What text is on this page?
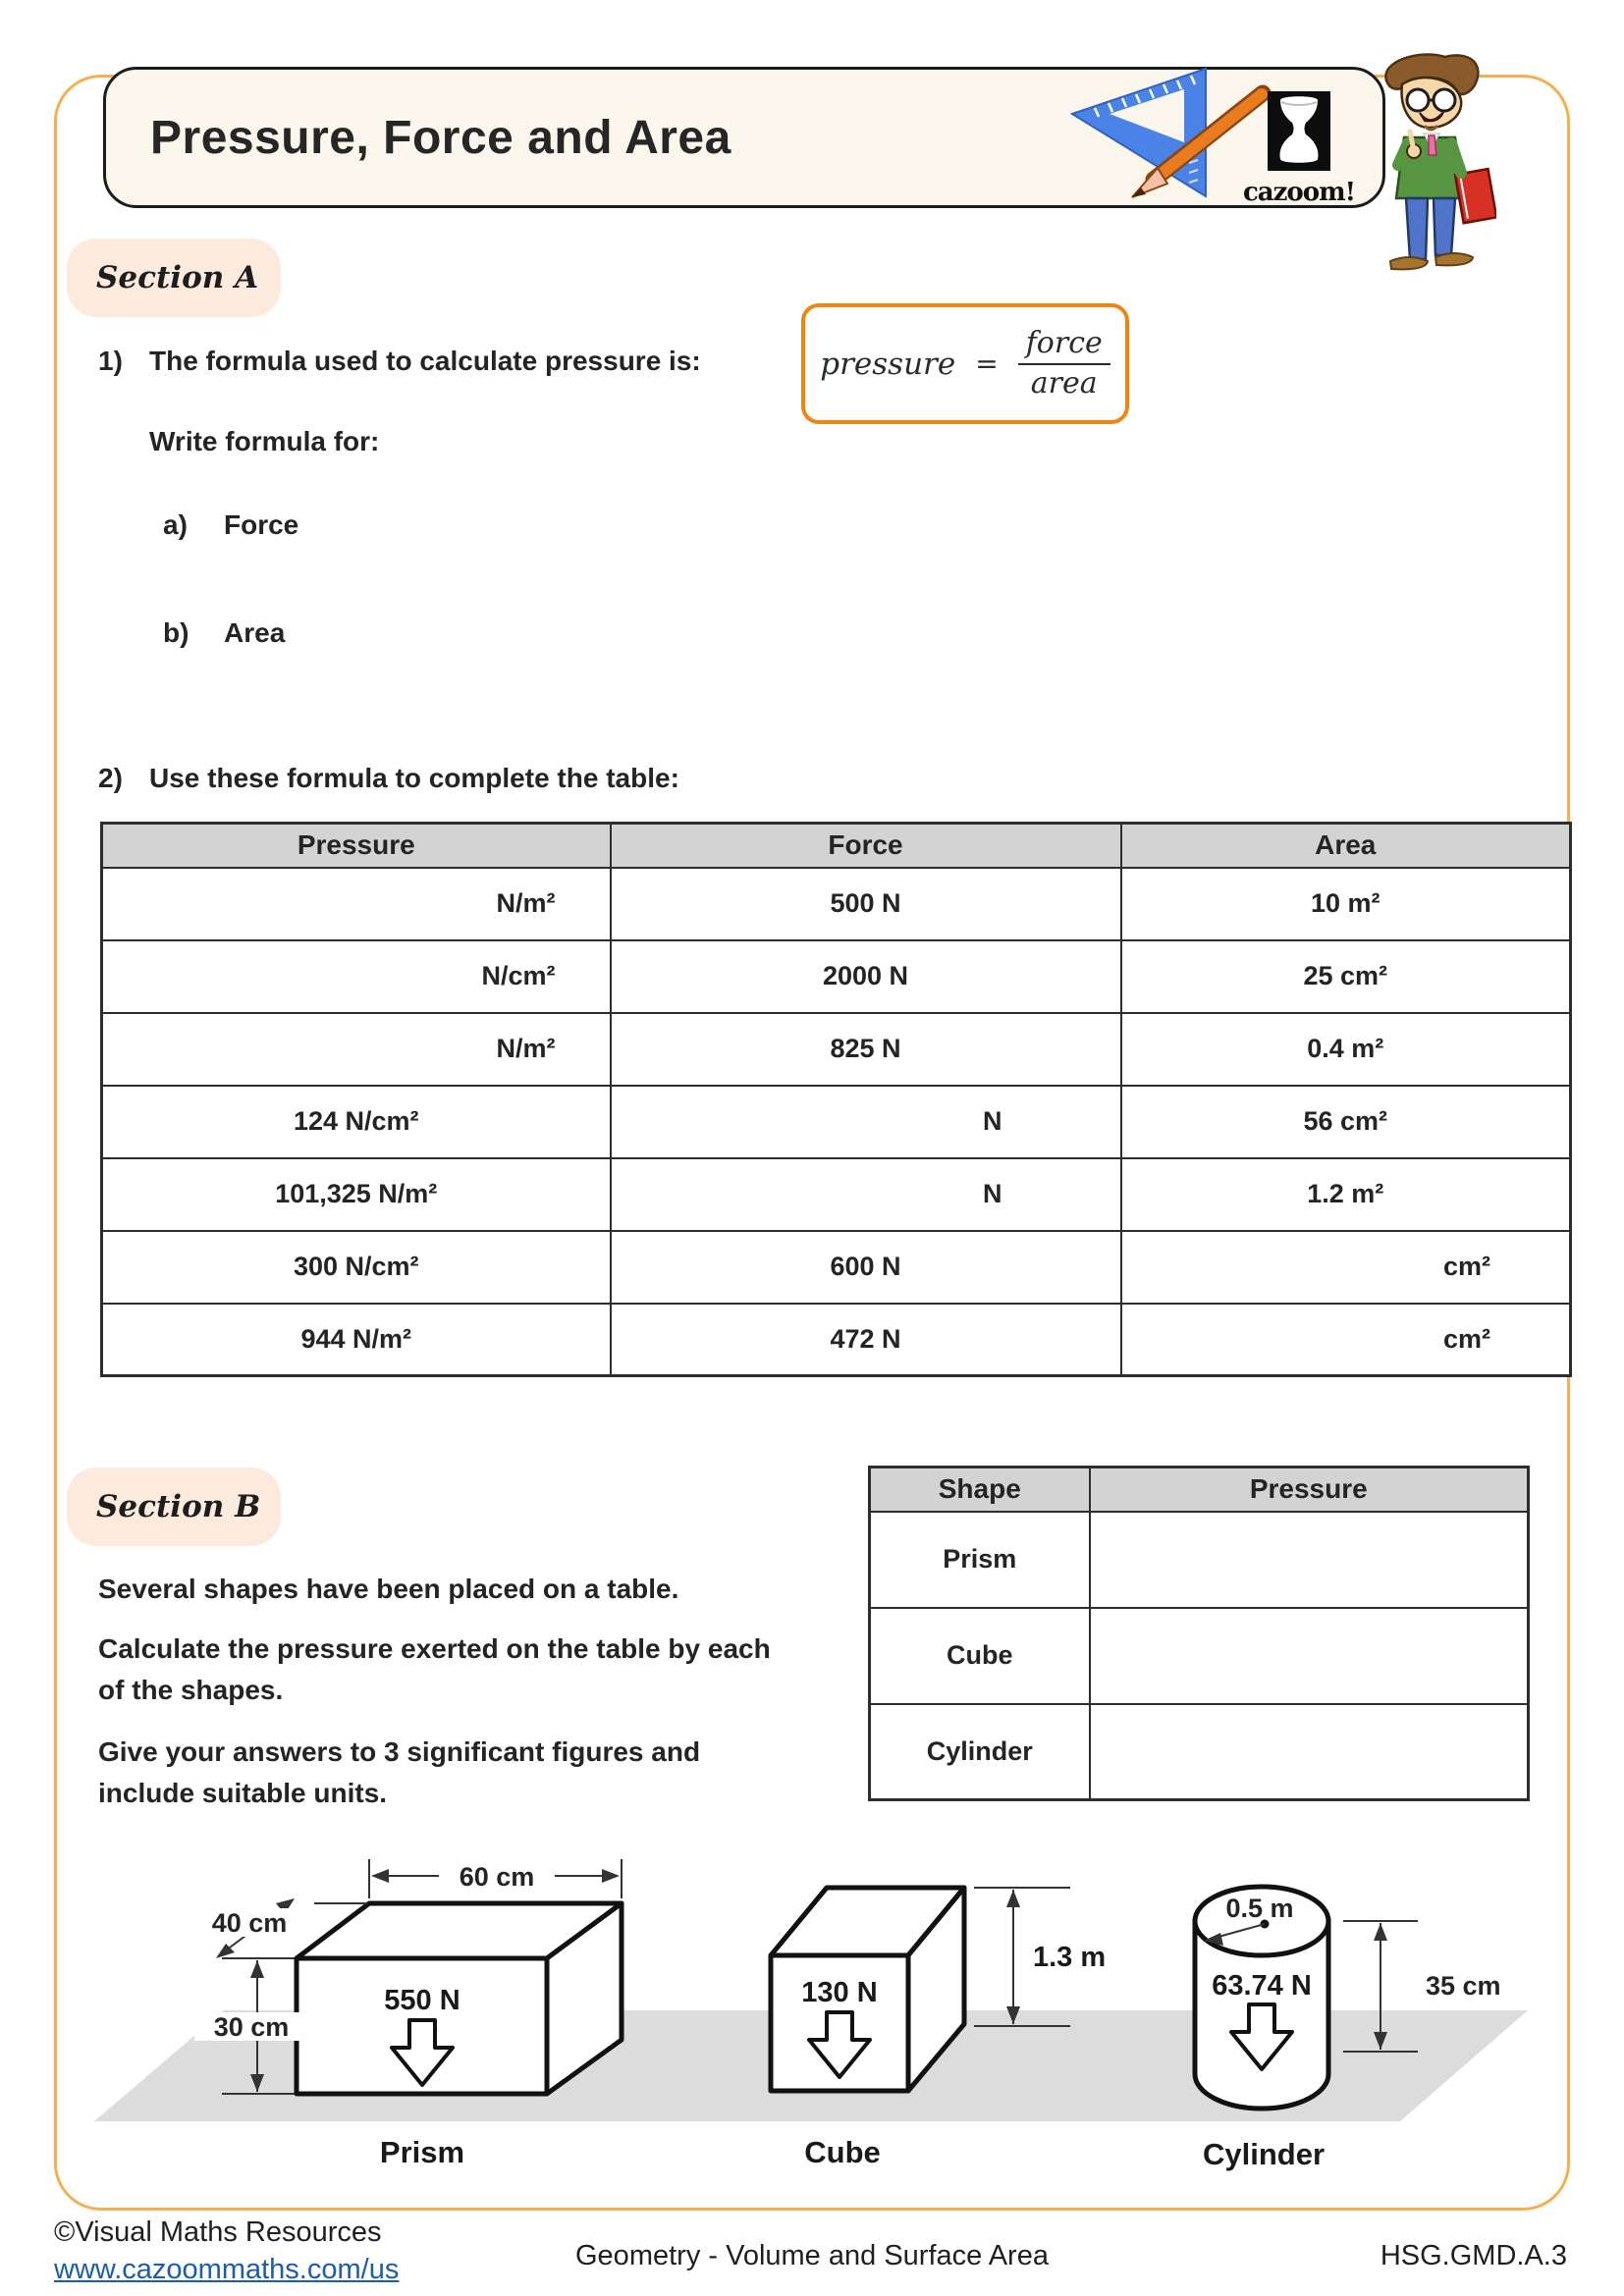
Pressure, Force and Area
cazoom!
Section A
1) The formula used to calculate pressure is:	pressure = $\frac{\text{force}}{\text{area}}$
Write formula for:
a) Force
b) Area
2) Use these formula to complete the table:
Pressure	Force	Area
N/m²	500 N	10 m²
N/cm²	2000 N	25 cm²
N/m²	825 N	0.4 m²
124 N/cm²	N	56 cm²
101,325 N/m²	N	1.2 m²
300 N/cm²	600 N	cm²
944 N/m²	472 N	cm²
Section B
Several shapes have been placed on a table.
Calculate the pressure exerted on the table by each of the shapes.
Give your answers to 3 significant figures and include suitable units.
Shape	Pressure
Prism	
Cube	
Cylinder	
60 cm
40 cm
30 cm
550 N
Prism
1.3 m
130 N
Cube
0.5 m
63.74 N	35 cm
Cylinder
©Visual Maths Resources
www.cazoommaths.com/us	Geometry - Volume and Surface Area	HSG.GMD.A.3
